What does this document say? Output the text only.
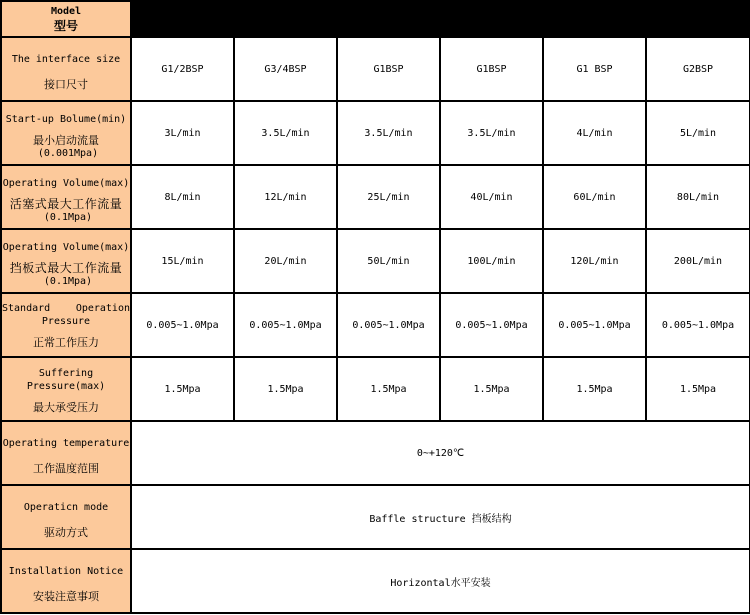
Model
型号	LT-DN15	LT-DN20	LT-DN25	LT-DN32	LT-DN40	LT-DN50

The interface size
接口尺寸	G1/2BSP	G3/4BSP	G1BSP	G1BSP	G1 BSP	G2BSP

Start-up Bolume(min)
最小启动流量
(0.001Mpa)	3L/min	3.5L/min	3.5L/min	3.5L/min	4L/min	5L/min

Operating Volume(max)
活塞式最大工作流量
(0.1Mpa)	8L/min	12L/min	25L/min	40L/min	60L/min	80L/min

Operating Volume(max)
挡板式最大工作流量
(0.1Mpa)	15L/min	20L/min	50L/min	100L/min	120L/min	200L/min

Standard Operation
Pressure
正常工作压力	0.005~1.0Mpa	0.005~1.0Mpa	0.005~1.0Mpa	0.005~1.0Mpa	0.005~1.0Mpa	0.005~1.0Mpa

Suffering
Pressure(max)
最大承受压力	1.5Mpa	1.5Mpa	1.5Mpa	1.5Mpa	1.5Mpa	1.5Mpa

Operating temperature
工作温度范围	0~+120℃					

Operaticn mode
驱动方式	Baffle structure 挡板结构					

Installation Notice
安装注意事项	Horizontal水平安装					
